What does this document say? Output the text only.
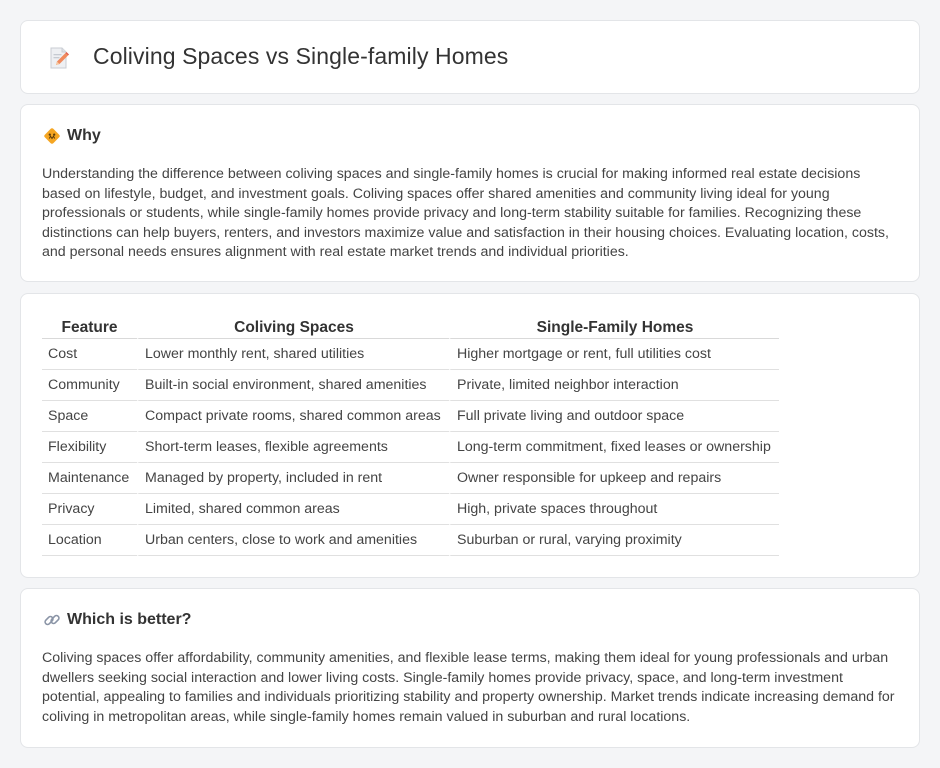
Coliving Spaces vs Single-family Homes
Why

Understanding the difference between coliving spaces and single-family homes is crucial for making informed real estate decisions based on lifestyle, budget, and investment goals. Coliving spaces offer shared amenities and community living ideal for young professionals or students, while single-family homes provide privacy and long-term stability suitable for families. Recognizing these distinctions can help buyers, renters, and investors maximize value and satisfaction in their housing choices. Evaluating location, costs, and personal needs ensures alignment with real estate market trends and individual priorities.

Feature	Coliving Spaces	Single-Family Homes
Cost	Lower monthly rent, shared utilities	Higher mortgage or rent, full utilities cost
Community	Built-in social environment, shared amenities	Private, limited neighbor interaction
Space	Compact private rooms, shared common areas	Full private living and outdoor space
Flexibility	Short-term leases, flexible agreements	Long-term commitment, fixed leases or ownership
Maintenance	Managed by property, included in rent	Owner responsible for upkeep and repairs
Privacy	Limited, shared common areas	High, private spaces throughout
Location	Urban centers, close to work and amenities	Suburban or rural, varying proximity
Which is better?

Coliving spaces offer affordability, community amenities, and flexible lease terms, making them ideal for young professionals and urban dwellers seeking social interaction and lower living costs. Single-family homes provide privacy, space, and long-term investment potential, appealing to families and individuals prioritizing stability and property ownership. Market trends indicate increasing demand for coliving in metropolitan areas, while single-family homes remain valued in suburban and rural locations.
